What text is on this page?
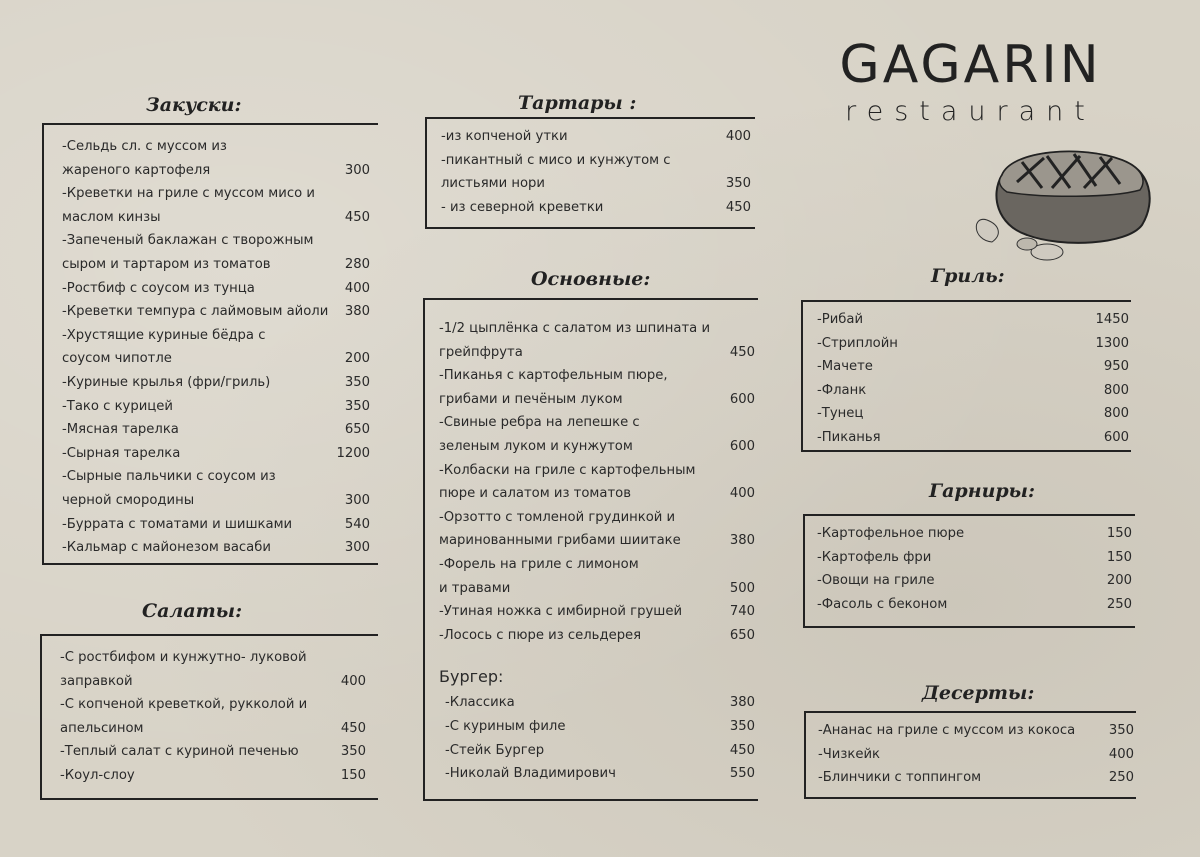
GAGARIN
restaurant
Закуски:
-Сельдь сл. с муссом из
жареного картофеля	300
-Креветки на гриле с муссом мисо и
маслом кинзы	450
-Запеченый баклажан с творожным
сыром и тартаром из томатов	280
-Ростбиф с соусом из тунца	400
-Креветки темпура с лаймовым айоли	380
-Хрустящие куриные бёдра с
соусом чипотле	200
-Куриные крылья (фри/гриль)	350
-Тако с курицей	350
-Мясная тарелка	650
-Сырная тарелка	1200
-Сырные пальчики с соусом из
черной смородины	300
-Буррата с томатами и шишками	540
-Кальмар с майонезом васаби	300
Салаты:
-С ростбифом и кунжутно- луковой
заправкой	400
-С копченой креветкой, рукколой и
апельсином	450
-Теплый салат с куриной печенью	350
-Коул-слоу	150
Тартары :
-из копченой утки	400
-пикантный с мисо и кунжутом с
листьями нори	350
- из северной креветки	450
Основные:
-1/2 цыплёнка с салатом из шпината и
грейпфрута	450
-Пиканья с картофельным пюре,
грибами и печёным луком	600
-Свиные ребра на лепешке с
зеленым луком и кунжутом	600
-Колбаски на гриле с картофельным
пюре и салатом из томатов	400
-Орзотто с томленой грудинкой и
маринованными грибами шиитаке	380
-Форель на гриле с лимоном
и травами	500
-Утиная ножка с имбирной грушей	740
-Лосось с пюре из сельдерея	650
Бургер:
-Классика	380
-С куриным филе	350
-Стейк Бургер	450
-Николай Владимирович	550
Гриль:
-Рибай	1450
-Стриплойн	1300
-Мачете	950
-Фланк	800
-Тунец	800
-Пиканья	600
Гарниры:
-Картофельное пюре	150
-Картофель фри	150
-Овощи на гриле	200
-Фасоль с беконом	250
Десерты:
-Ананас на гриле с муссом из кокоса	350
-Чизкейк	400
-Блинчики с топпингом	250
